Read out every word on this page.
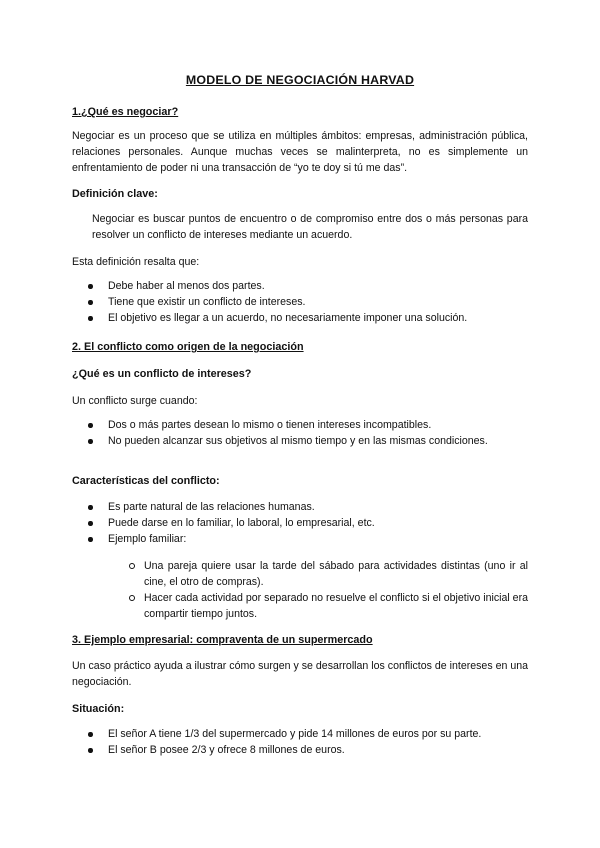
MODELO DE NEGOCIACIÓN HARVAD
1.¿Qué es negociar?
Negociar es un proceso que se utiliza en múltiples ámbitos: empresas, administración pública, relaciones personales. Aunque muchas veces se malinterpreta, no es simplemente un enfrentamiento de poder ni una transacción de “yo te doy si tú me das”.
Definición clave:
Negociar es buscar puntos de encuentro o de compromiso entre dos o más personas para resolver un conflicto de intereses mediante un acuerdo.
Esta definición resalta que:
Debe haber al menos dos partes.
Tiene que existir un conflicto de intereses.
El objetivo es llegar a un acuerdo, no necesariamente imponer una solución.
2. El conflicto como origen de la negociación
¿Qué es un conflicto de intereses?
Un conflicto surge cuando:
Dos o más partes desean lo mismo o tienen intereses incompatibles.
No pueden alcanzar sus objetivos al mismo tiempo y en las mismas condiciones.
Características del conflicto:
Es parte natural de las relaciones humanas.
Puede darse en lo familiar, lo laboral, lo empresarial, etc.
Ejemplo familiar:
Una pareja quiere usar la tarde del sábado para actividades distintas (uno ir al cine, el otro de compras).
Hacer cada actividad por separado no resuelve el conflicto si el objetivo inicial era compartir tiempo juntos.
3. Ejemplo empresarial: compraventa de un supermercado
Un caso práctico ayuda a ilustrar cómo surgen y se desarrollan los conflictos de intereses en una negociación.
Situación:
El señor A tiene 1/3 del supermercado y pide 14 millones de euros por su parte.
El señor B posee 2/3 y ofrece 8 millones de euros.
